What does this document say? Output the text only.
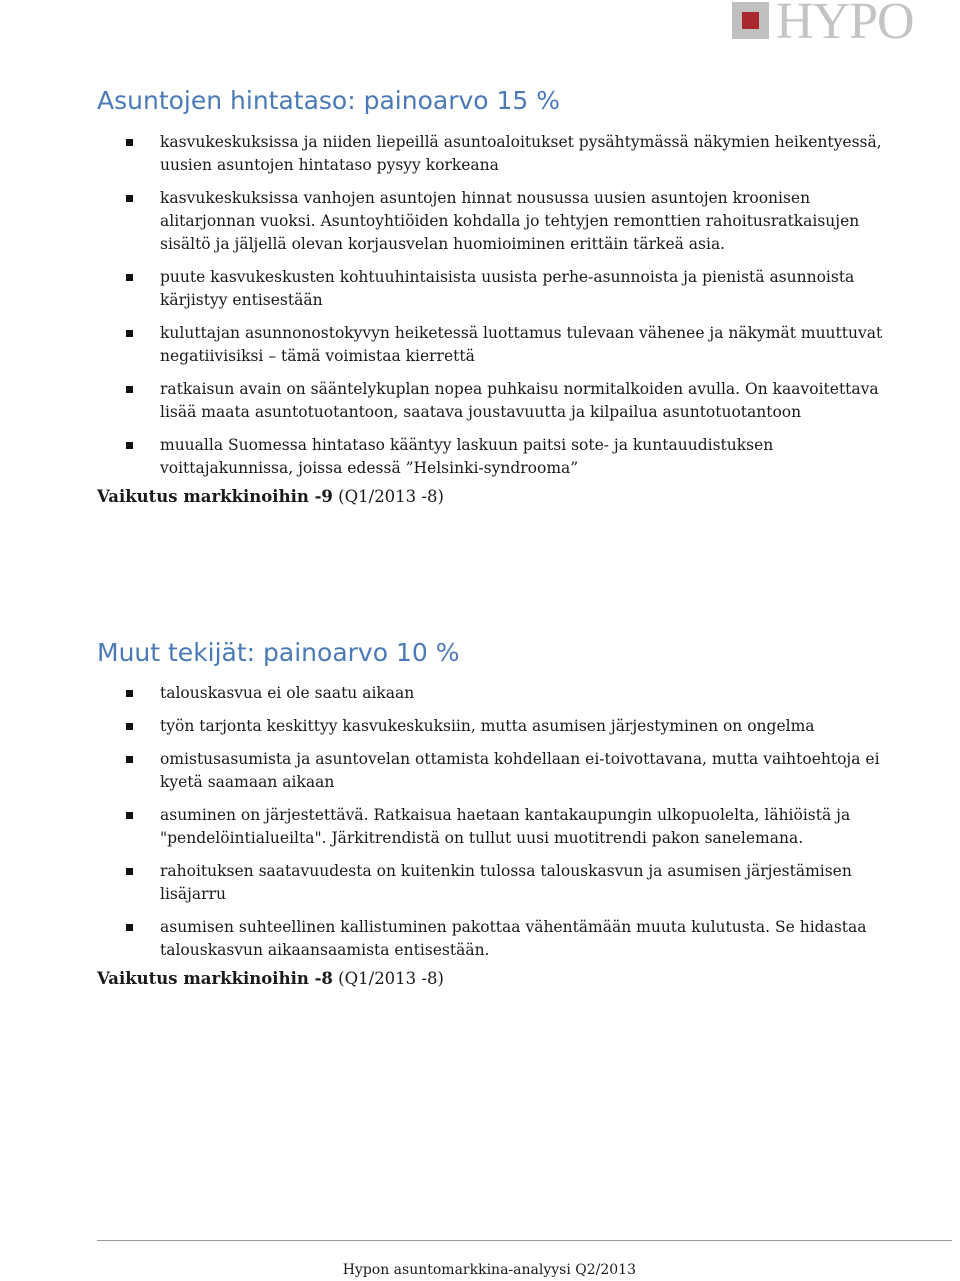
HYPO
Asuntojen hintataso: painoarvo 15 %
kasvukeskuksissa ja niiden liepeillä asuntoaloitukset pysähtymässä näkymien heikentyessä, uusien asuntojen hintataso pysyy korkeana
kasvukeskuksissa vanhojen asuntojen hinnat nousussa uusien asuntojen kroonisen alitarjonnan vuoksi. Asuntoyhtiöiden kohdalla jo tehtyjen remonttien rahoitusratkaisujen sisältö ja jäljellä olevan korjausvelan huomioiminen erittäin tärkeä asia.
puute kasvukeskusten kohtuuhintaisista uusista perhe-asunnoista ja pienistä asunnoista kärjistyy entisestään
kuluttajan asunnonostokyvyn heiketessä luottamus tulevaan vähenee ja näkymät muuttuvat negatiivisiksi – tämä voimistaa kierrettä
ratkaisun avain on sääntelykuplan nopea puhkaisu normitalkoiden avulla. On kaavoitettava lisää maata asuntotuotantoon, saatava joustavuutta ja kilpailua asuntotuotantoon
muualla Suomessa hintataso kääntyy laskuun paitsi sote- ja kuntauudistuksen voittajakunnissa, joissa edessä ”Helsinki-syndrooma”
Vaikutus markkinoihin -9 (Q1/2013 -8)
Muut tekijät: painoarvo 10 %
talouskasvua ei ole saatu aikaan
työn tarjonta keskittyy kasvukeskuksiin, mutta asumisen järjestyminen on ongelma
omistusasumista ja asuntovelan ottamista kohdellaan ei-toivottavana, mutta vaihtoehtoja ei kyetä saamaan aikaan
asuminen on järjestettävä. Ratkaisua haetaan kantakaupungin ulkopuolelta, lähiöistä ja "pendelöintialueilta". Järkitrendistä on tullut uusi muotitrendi pakon sanelemana.
rahoituksen saatavuudesta on kuitenkin tulossa talouskasvun ja asumisen järjestämisen lisäjarru
asumisen suhteellinen kallistuminen pakottaa vähentämään muuta kulutusta. Se hidastaa talouskasvun aikaansaamista entisestään.
Vaikutus markkinoihin -8 (Q1/2013 -8)
Hypon asuntomarkkina-analyysi Q2/2013
